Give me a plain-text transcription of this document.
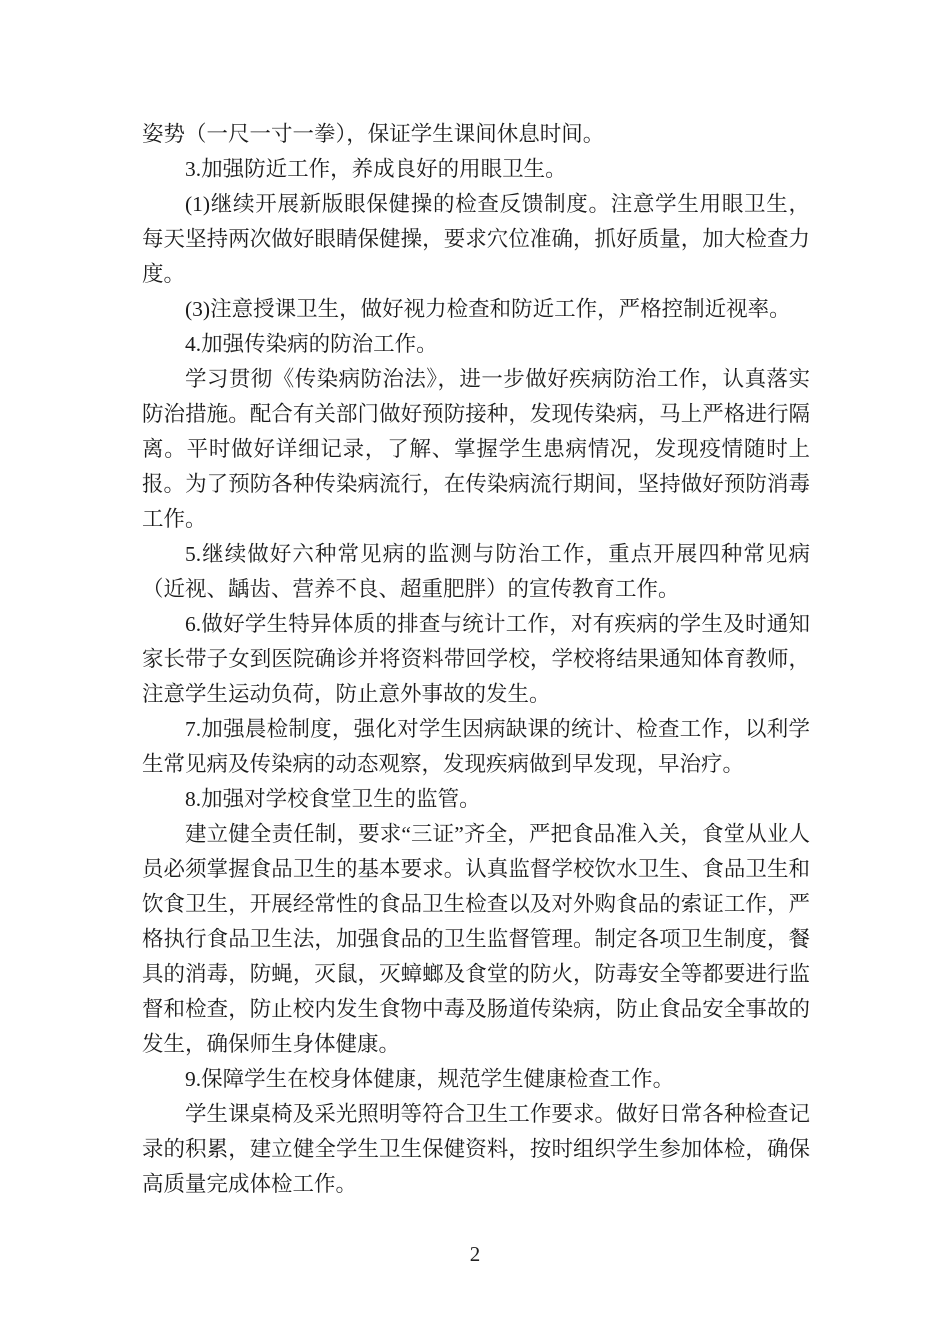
姿势（一尺一寸一拳），保证学生课间休息时间。

3.加强防近工作，养成良好的用眼卫生。

(1)继续开展新版眼保健操的检查反馈制度。注意学生用眼卫生，每天坚持两次做好眼睛保健操，要求穴位准确，抓好质量，加大检查力度。

(3)注意授课卫生，做好视力检查和防近工作，严格控制近视率。

4.加强传染病的防治工作。

学习贯彻《传染病防治法》，进一步做好疾病防治工作，认真落实防治措施。配合有关部门做好预防接种，发现传染病，马上严格进行隔离。平时做好详细记录，了解、掌握学生患病情况，发现疫情随时上报。为了预防各种传染病流行，在传染病流行期间，坚持做好预防消毒工作。

5.继续做好六种常见病的监测与防治工作，重点开展四种常见病（近视、龋齿、营养不良、超重肥胖）的宣传教育工作。

6.做好学生特异体质的排查与统计工作，对有疾病的学生及时通知家长带子女到医院确诊并将资料带回学校，学校将结果通知体育教师，注意学生运动负荷，防止意外事故的发生。

7.加强晨检制度，强化对学生因病缺课的统计、检查工作，以利学生常见病及传染病的动态观察，发现疾病做到早发现，早治疗。

8.加强对学校食堂卫生的监管。

建立健全责任制，要求“三证”齐全，严把食品准入关，食堂从业人员必须掌握食品卫生的基本要求。认真监督学校饮水卫生、食品卫生和饮食卫生，开展经常性的食品卫生检查以及对外购食品的索证工作，严格执行食品卫生法，加强食品的卫生监督管理。制定各项卫生制度，餐具的消毒，防蝇，灭鼠，灭蟑螂及食堂的防火，防毒安全等都要进行监督和检查，防止校内发生食物中毒及肠道传染病，防止食品安全事故的发生，确保师生身体健康。

9.保障学生在校身体健康，规范学生健康检查工作。

学生课桌椅及采光照明等符合卫生工作要求。做好日常各种检查记录的积累，建立健全学生卫生保健资料，按时组织学生参加体检，确保高质量完成体检工作。

2
